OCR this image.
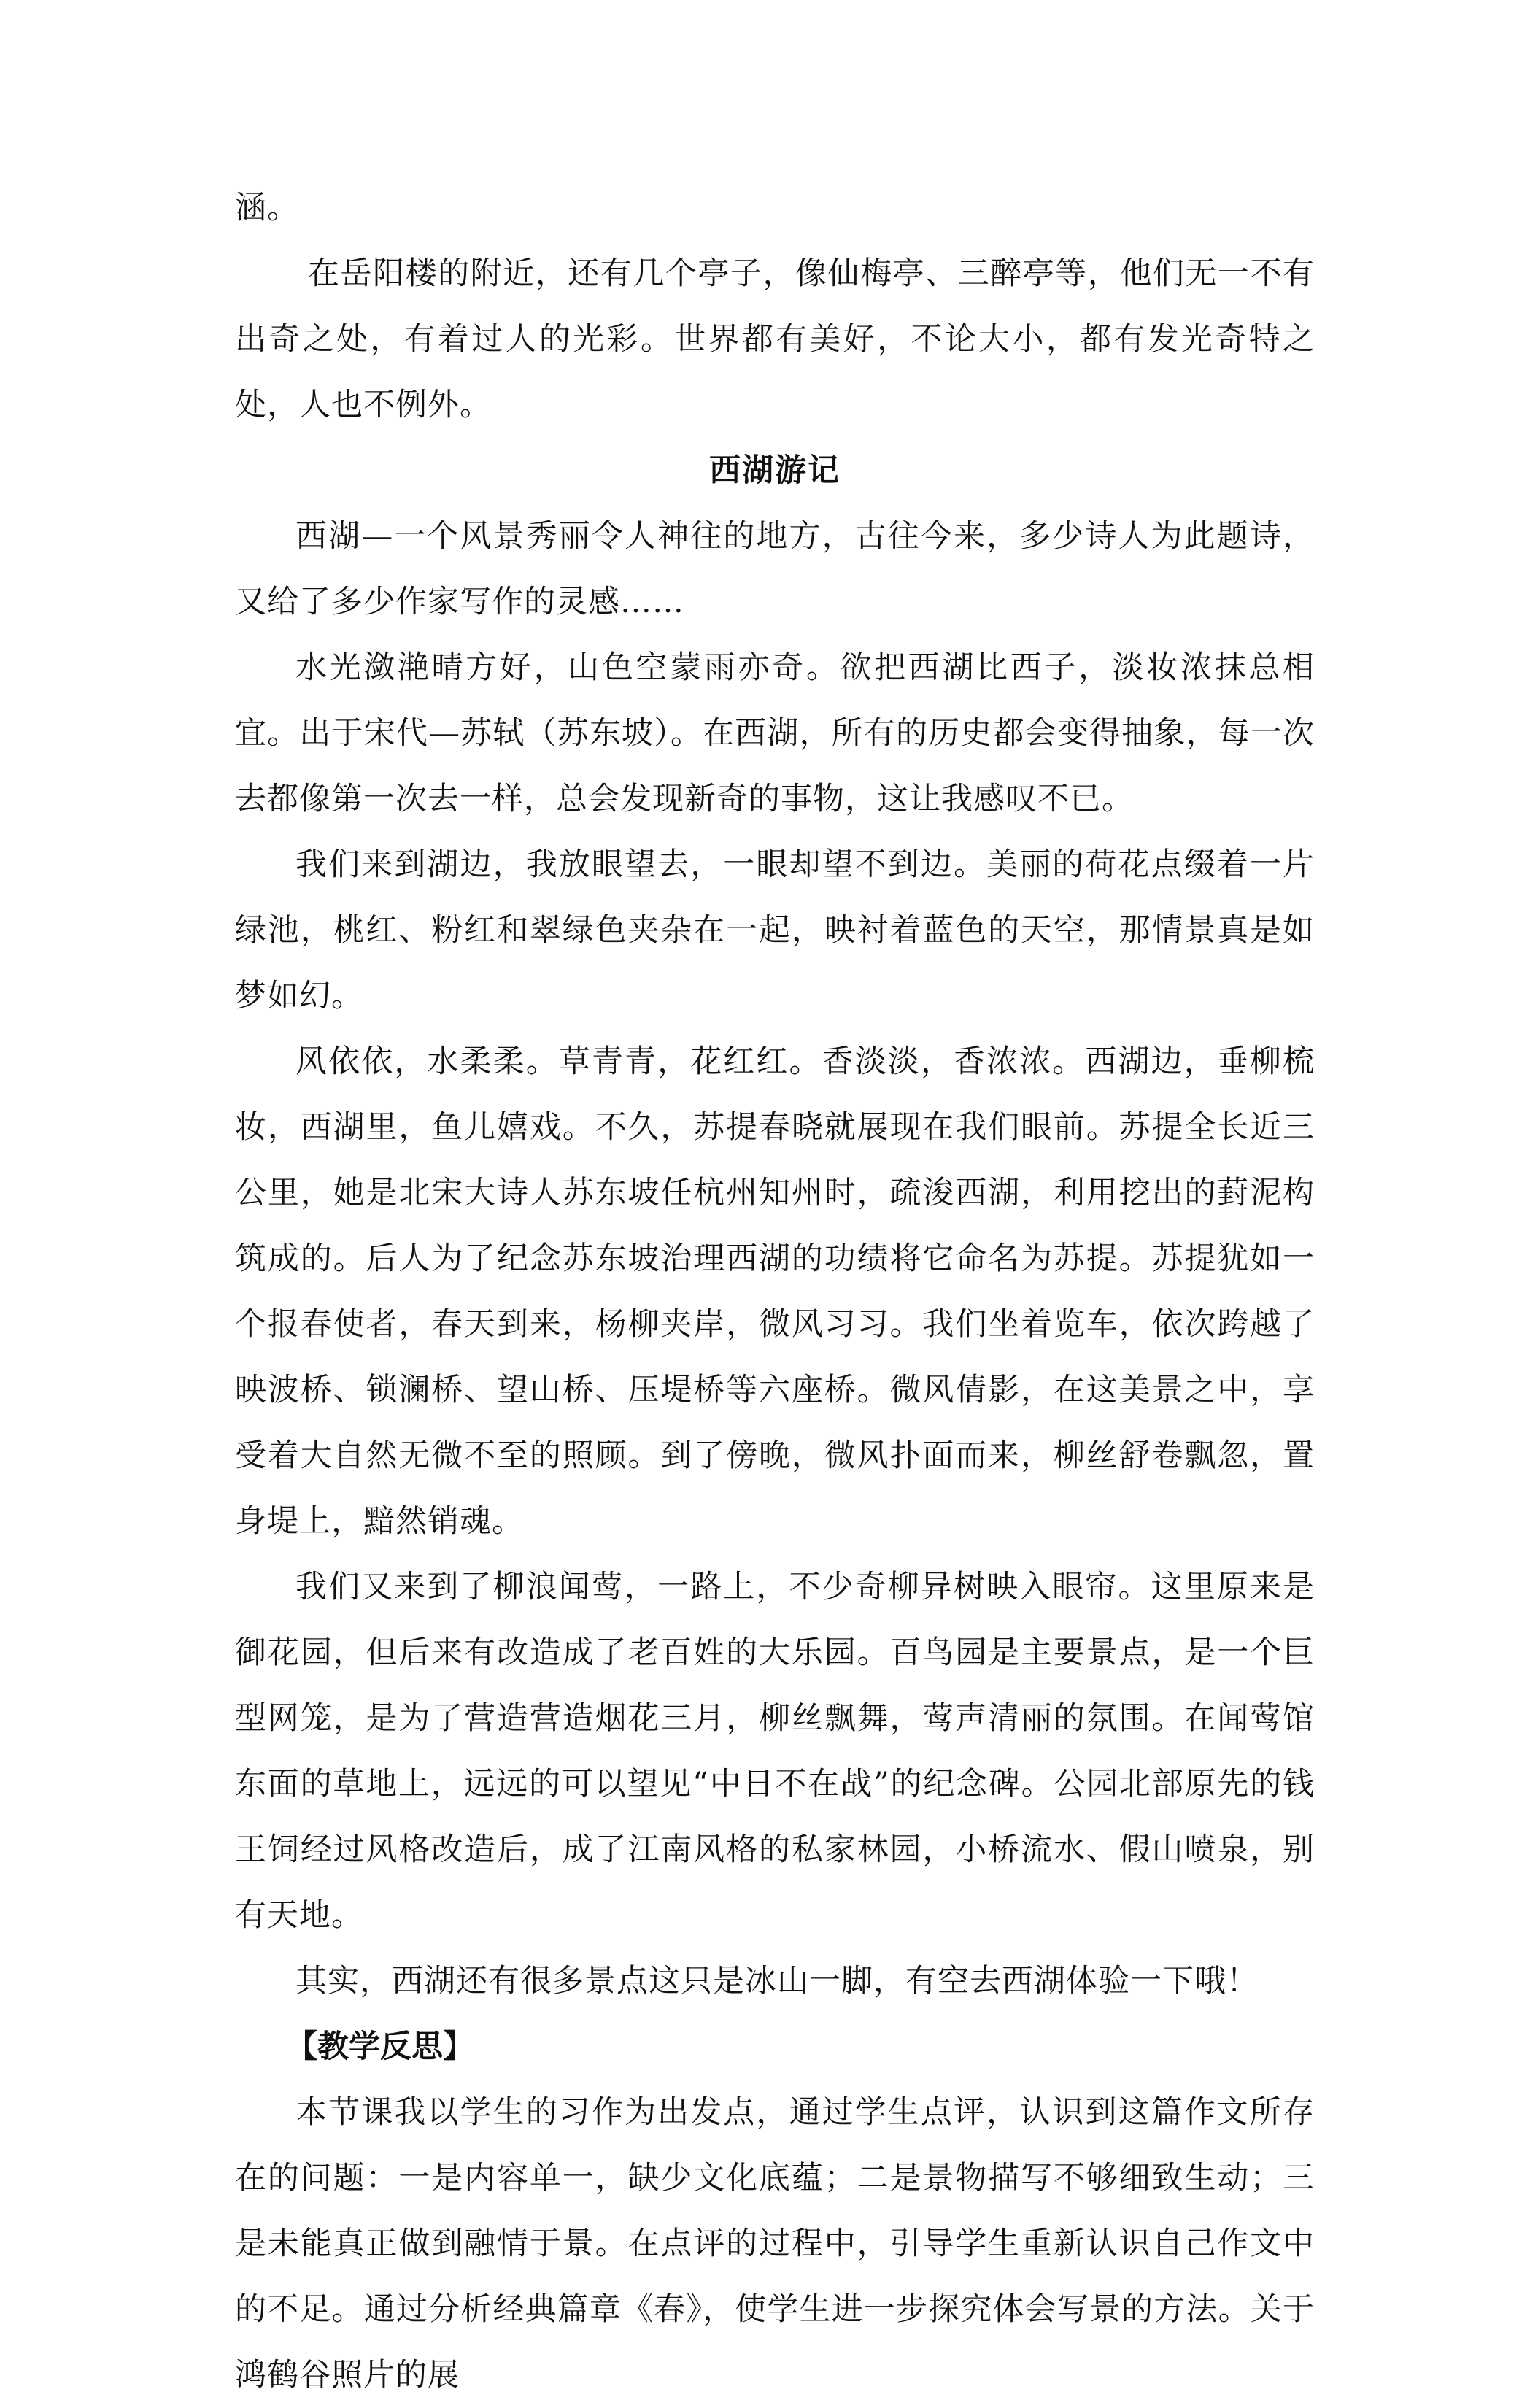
涵。

在岳阳楼的附近，还有几个亭子，像仙梅亭、三醉亭等，他们无一不有出奇之处，有着过人的光彩。世界都有美好，不论大小，都有发光奇特之处，人也不例外。

西湖游记

西湖—一个风景秀丽令人神往的地方，古往今来，多少诗人为此题诗，又给了多少作家写作的灵感……

水光潋滟晴方好，山色空蒙雨亦奇。欲把西湖比西子，淡妆浓抹总相宜。出于宋代—苏轼（苏东坡）。在西湖，所有的历史都会变得抽象，每一次去都像第一次去一样，总会发现新奇的事物，这让我感叹不已。

我们来到湖边，我放眼望去，一眼却望不到边。美丽的荷花点缀着一片绿池，桃红、粉红和翠绿色夹杂在一起，映衬着蓝色的天空，那情景真是如梦如幻。

风依依，水柔柔。草青青，花红红。香淡淡，香浓浓。西湖边，垂柳梳妆，西湖里，鱼儿嬉戏。不久，苏提春晓就展现在我们眼前。苏提全长近三公里，她是北宋大诗人苏东坡任杭州知州时，疏浚西湖，利用挖出的葑泥构筑成的。后人为了纪念苏东坡治理西湖的功绩将它命名为苏提。苏提犹如一个报春使者，春天到来，杨柳夹岸，微风习习。我们坐着览车，依次跨越了映波桥、锁澜桥、望山桥、压堤桥等六座桥。微风倩影，在这美景之中，享受着大自然无微不至的照顾。到了傍晚，微风扑面而来，柳丝舒卷飘忽，置身堤上，黯然销魂。

我们又来到了柳浪闻莺，一路上，不少奇柳异树映入眼帘。这里原来是御花园，但后来有改造成了老百姓的大乐园。百鸟园是主要景点，是一个巨型网笼，是为了营造营造烟花三月，柳丝飘舞，莺声清丽的氛围。在闻莺馆东面的草地上，远远的可以望见“中日不在战”的纪念碑。公园北部原先的钱王饲经过风格改造后，成了江南风格的私家林园，小桥流水、假山喷泉，别有天地。

其实，西湖还有很多景点这只是冰山一脚，有空去西湖体验一下哦！

【教学反思】

本节课我以学生的习作为出发点，通过学生点评，认识到这篇作文所存在的问题：一是内容单一，缺少文化底蕴；二是景物描写不够细致生动；三是未能真正做到融情于景。在点评的过程中，引导学生重新认识自己作文中的不足。通过分析经典篇章《春》，使学生进一步探究体会写景的方法。关于鸿鹤谷照片的展
